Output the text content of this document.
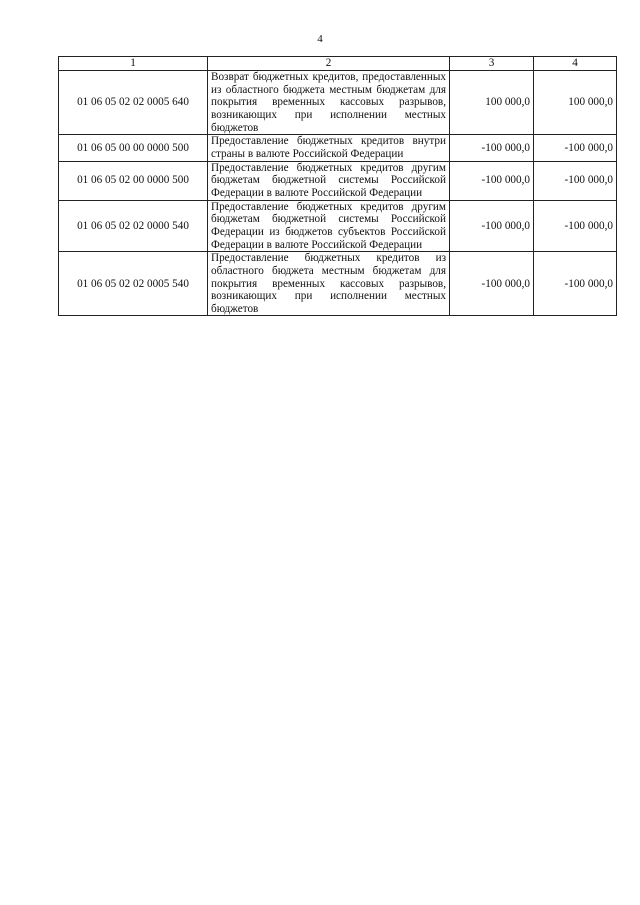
4
1	2	3	4
01 06 05 02 02 0005 640	Возврат бюджетных кредитов, предоставленных из областного бюджета местным бюджетам для покрытия временных кассовых разрывов, возникающих при исполнении местных бюджетов	100 000,0	100 000,0
01 06 05 00 00 0000 500	Предоставление бюджетных кредитов внутри страны в валюте Российской Федерации	-100 000,0	-100 000,0
01 06 05 02 00 0000 500	Предоставление бюджетных кредитов другим бюджетам бюджетной системы Российской Федерации в валюте Российской Федерации	-100 000,0	-100 000,0
01 06 05 02 02 0000 540	Предоставление бюджетных кредитов другим бюджетам бюджетной системы Российской Федерации из бюджетов субъектов Российской Федерации в валюте Российской Федерации	-100 000,0	-100 000,0
01 06 05 02 02 0005 540	Предоставление бюджетных кредитов из областного бюджета местным бюджетам для покрытия временных кассовых разрывов, возникающих при исполнении местных бюджетов	-100 000,0	-100 000,0
